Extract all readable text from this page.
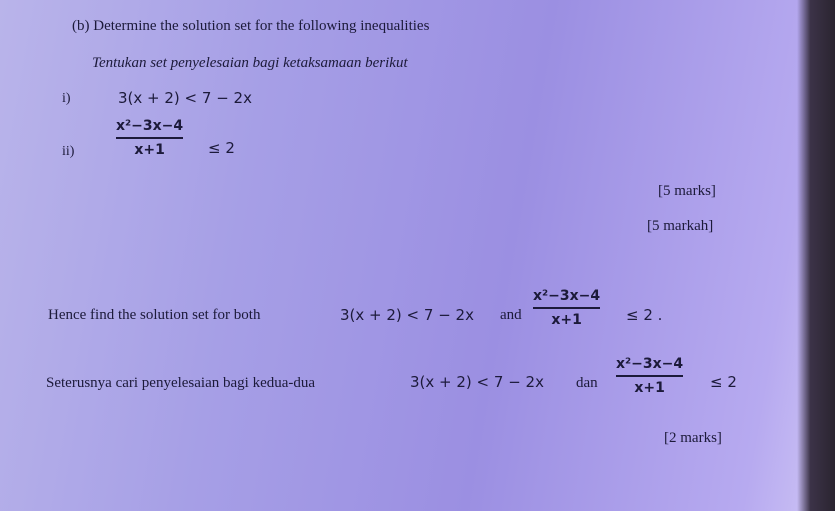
(b) Determine the solution set for the following inequalities
Tentukan set penyelesaian bagi ketaksamaan berikut
i)	3(x + 2) < 7 − 2x
ii)
x²−3x−4
x+1	≤ 2
[5 marks]
[5 markah]
Hence find the solution set for both	3(x + 2) < 7 − 2x and
x²−3x−4
x+1	≤ 2 .
Seterusnya cari penyelesaian bagi kedua-dua	3(x + 2) < 7 − 2x dan
x²−3x−4
x+1	≤ 2
[2 marks]
